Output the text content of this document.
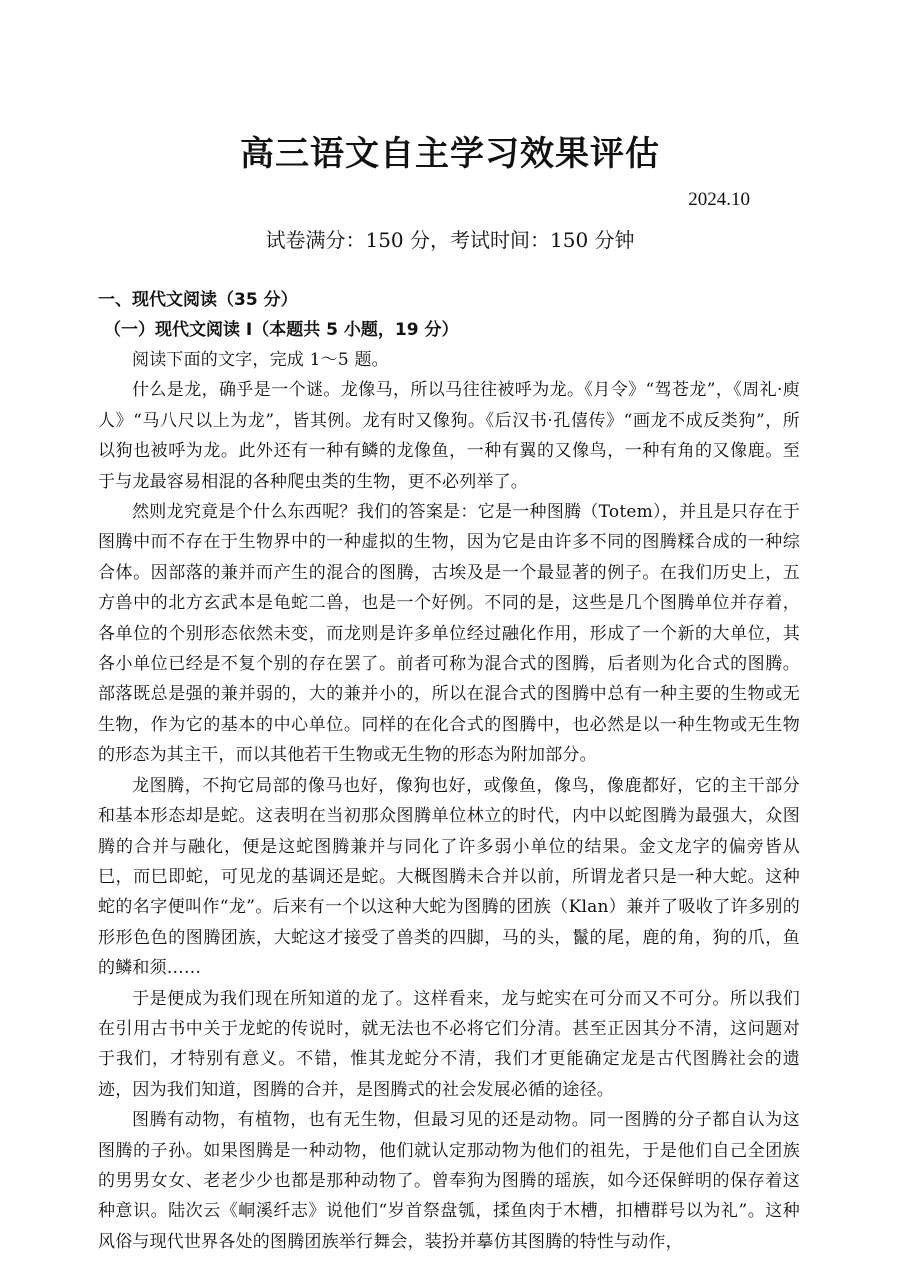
高三语文自主学习效果评估
2024.10
试卷满分：150 分，考试时间：150 分钟

一、现代文阅读（35 分）

（一）现代文阅读 I（本题共 5 小题，19 分）

阅读下面的文字，完成 1～5 题。

什么是龙，确乎是一个谜。龙像马，所以马往往被呼为龙。《月令》“驾苍龙”，《周礼·庾人》“马八尺以上为龙”，皆其例。龙有时又像狗。《后汉书·孔僖传》“画龙不成反类狗”，所以狗也被呼为龙。此外还有一种有鳞的龙像鱼，一种有翼的又像鸟，一种有角的又像鹿。至于与龙最容易相混的各种爬虫类的生物，更不必列举了。

然则龙究竟是个什么东西呢？我们的答案是：它是一种图腾（Totem），并且是只存在于图腾中而不存在于生物界中的一种虚拟的生物，因为它是由许多不同的图腾糅合成的一种综合体。因部落的兼并而产生的混合的图腾，古埃及是一个最显著的例子。在我们历史上，五方兽中的北方玄武本是龟蛇二兽，也是一个好例。不同的是，这些是几个图腾单位并存着，各单位的个别形态依然未变，而龙则是许多单位经过融化作用，形成了一个新的大单位，其各小单位已经是不复个别的存在罢了。前者可称为混合式的图腾，后者则为化合式的图腾。部落既总是强的兼并弱的，大的兼并小的，所以在混合式的图腾中总有一种主要的生物或无生物，作为它的基本的中心单位。同样的在化合式的图腾中，也必然是以一种生物或无生物的形态为其主干，而以其他若干生物或无生物的形态为附加部分。

龙图腾，不拘它局部的像马也好，像狗也好，或像鱼，像鸟，像鹿都好，它的主干部分和基本形态却是蛇。这表明在当初那众图腾单位林立的时代，内中以蛇图腾为最强大，众图腾的合并与融化，便是这蛇图腾兼并与同化了许多弱小单位的结果。金文龙字的偏旁皆从巳，而巳即蛇，可见龙的基调还是蛇。大概图腾未合并以前，所谓龙者只是一种大蛇。这种蛇的名字便叫作“龙”。后来有一个以这种大蛇为图腾的团族（Klan）兼并了吸收了许多别的形形色色的图腾团族，大蛇这才接受了兽类的四脚，马的头，鬣的尾，鹿的角，狗的爪，鱼的鳞和须……

于是便成为我们现在所知道的龙了。这样看来，龙与蛇实在可分而又不可分。所以我们在引用古书中关于龙蛇的传说时，就无法也不必将它们分清。甚至正因其分不清，这问题对于我们，才特别有意义。不错，惟其龙蛇分不清，我们才更能确定龙是古代图腾社会的遗迹，因为我们知道，图腾的合并，是图腾式的社会发展必循的途径。

图腾有动物，有植物，也有无生物，但最习见的还是动物。同一图腾的分子都自认为这图腾的子孙。如果图腾是一种动物，他们就认定那动物为他们的祖先，于是他们自己全团族的男男女女、老老少少也都是那种动物了。曾奉狗为图腾的瑶族，如今还保鲜明的保存着这种意识。陆次云《峒溪纤志》说他们“岁首祭盘瓠，揉鱼肉于木槽，扣槽群号以为礼”。这种风俗与现代世界各处的图腾团族举行舞会，装扮并摹仿其图腾的特性与动作，
